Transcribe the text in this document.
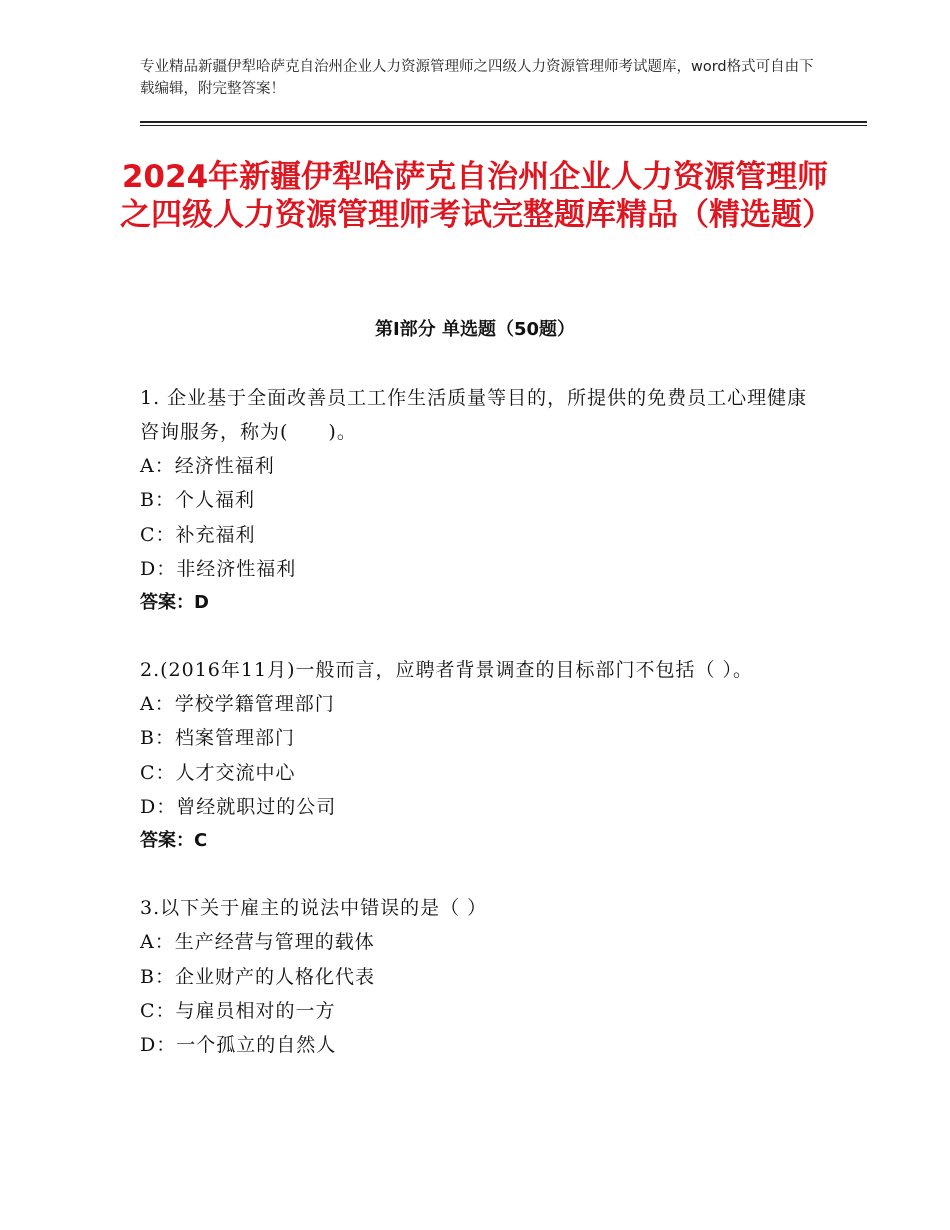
专业精品新疆伊犁哈萨克自治州企业人力资源管理师之四级人力资源管理师考试题库，word格式可自由下载编辑，附完整答案！
2024年新疆伊犁哈萨克自治州企业人力资源管理师之四级人力资源管理师考试完整题库精品（精选题）
第Ⅰ部分 单选题（50题）

1. 企业基于全面改善员工工作生活质量等目的，所提供的免费员工心理健康咨询服务，称为(　　)。

A：经济性福利

B：个人福利

C：补充福利

D：非经济性福利

答案：D

2.(2016年11月)一般而言，应聘者背景调查的目标部门不包括（ ）。

A：学校学籍管理部门

B：档案管理部门

C：人才交流中心

D：曾经就职过的公司

答案：C

3.以下关于雇主的说法中错误的是（ ）

A：生产经营与管理的载体

B：企业财产的人格化代表

C：与雇员相对的一方

D：一个孤立的自然人
